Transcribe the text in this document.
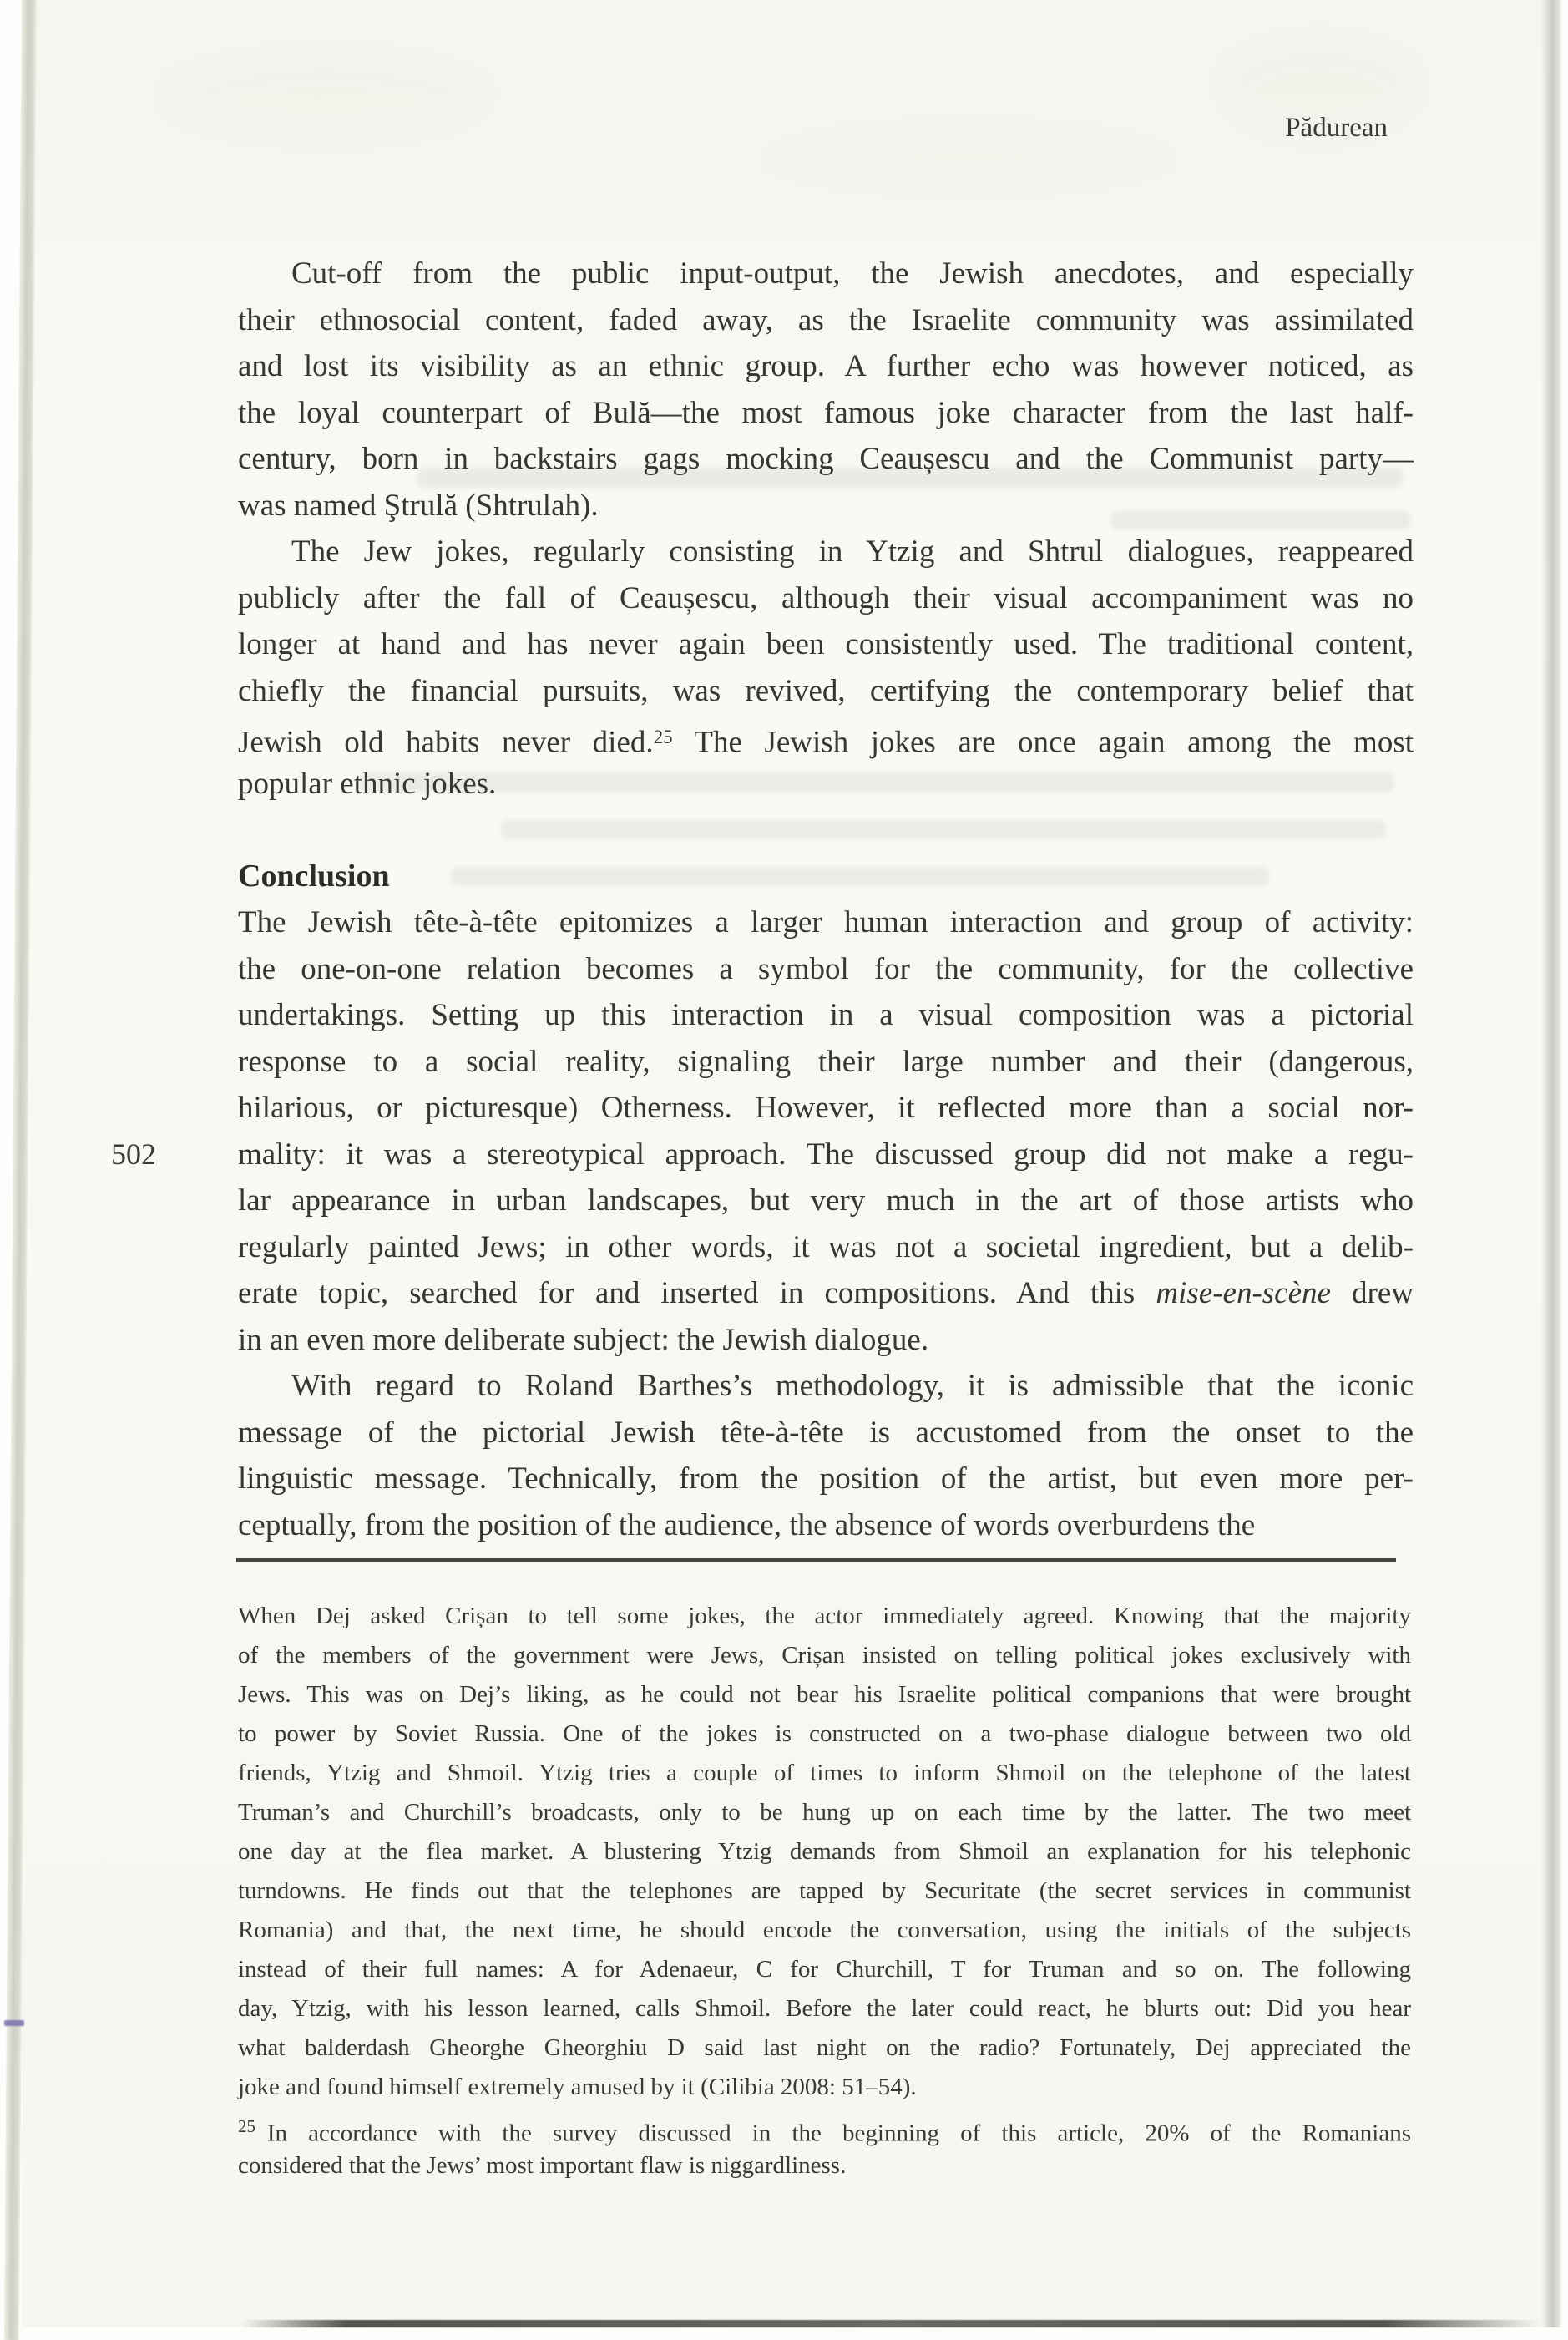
Pădurean
502
Cut-off from the public input-output, the Jewish anecdotes, and especially
their ethnosocial content, faded away, as the Israelite community was assimilated
and lost its visibility as an ethnic group. A further echo was however noticed, as
the loyal counterpart of Bulă—the most famous joke character from the last half-
century, born in backstairs gags mocking Ceaușescu and the Communist party—
was named Ştrulă (Shtrulah).
The Jew jokes, regularly consisting in Ytzig and Shtrul dialogues, reappeared
publicly after the fall of Ceaușescu, although their visual accompaniment was no
longer at hand and has never again been consistently used. The traditional content,
chiefly the financial pursuits, was revived, certifying the contemporary belief that
Jewish old habits never died.$^{25}$ The Jewish jokes are once again among the most
popular ethnic jokes.
Conclusion
The Jewish tête-à-tête epitomizes a larger human interaction and group of activity:
the one-on-one relation becomes a symbol for the community, for the collective
undertakings. Setting up this interaction in a visual composition was a pictorial
response to a social reality, signaling their large number and their (dangerous,
hilarious, or picturesque) Otherness. However, it reflected more than a social nor-
mality: it was a stereotypical approach. The discussed group did not make a regu-
lar appearance in urban landscapes, but very much in the art of those artists who
regularly painted Jews; in other words, it was not a societal ingredient, but a delib-
erate topic, searched for and inserted in compositions. And this mise-en-scène drew
in an even more deliberate subject: the Jewish dialogue.
With regard to Roland Barthes’s methodology, it is admissible that the iconic
message of the pictorial Jewish tête-à-tête is accustomed from the onset to the
linguistic message. Technically, from the position of the artist, but even more per-
ceptually, from the position of the audience, the absence of words overburdens the
When Dej asked Crișan to tell some jokes, the actor immediately agreed. Knowing that the majority
of the members of the government were Jews, Crișan insisted on telling political jokes exclusively with
Jews. This was on Dej’s liking, as he could not bear his Israelite political companions that were brought
to power by Soviet Russia. One of the jokes is constructed on a two-phase dialogue between two old
friends, Ytzig and Shmoil. Ytzig tries a couple of times to inform Shmoil on the telephone of the latest
Truman’s and Churchill’s broadcasts, only to be hung up on each time by the latter. The two meet
one day at the flea market. A blustering Ytzig demands from Shmoil an explanation for his telephonic
turndowns. He finds out that the telephones are tapped by Securitate (the secret services in communist
Romania) and that, the next time, he should encode the conversation, using the initials of the subjects
instead of their full names: A for Adenaeur, C for Churchill, T for Truman and so on. The following
day, Ytzig, with his lesson learned, calls Shmoil. Before the later could react, he blurts out: Did you hear
what balderdash Gheorghe Gheorghiu D said last night on the radio? Fortunately, Dej appreciated the
joke and found himself extremely amused by it (Cilibia 2008: 51–54).
$^{25}$ In accordance with the survey discussed in the beginning of this article, 20% of the Romanians
considered that the Jews’ most important flaw is niggardliness.
